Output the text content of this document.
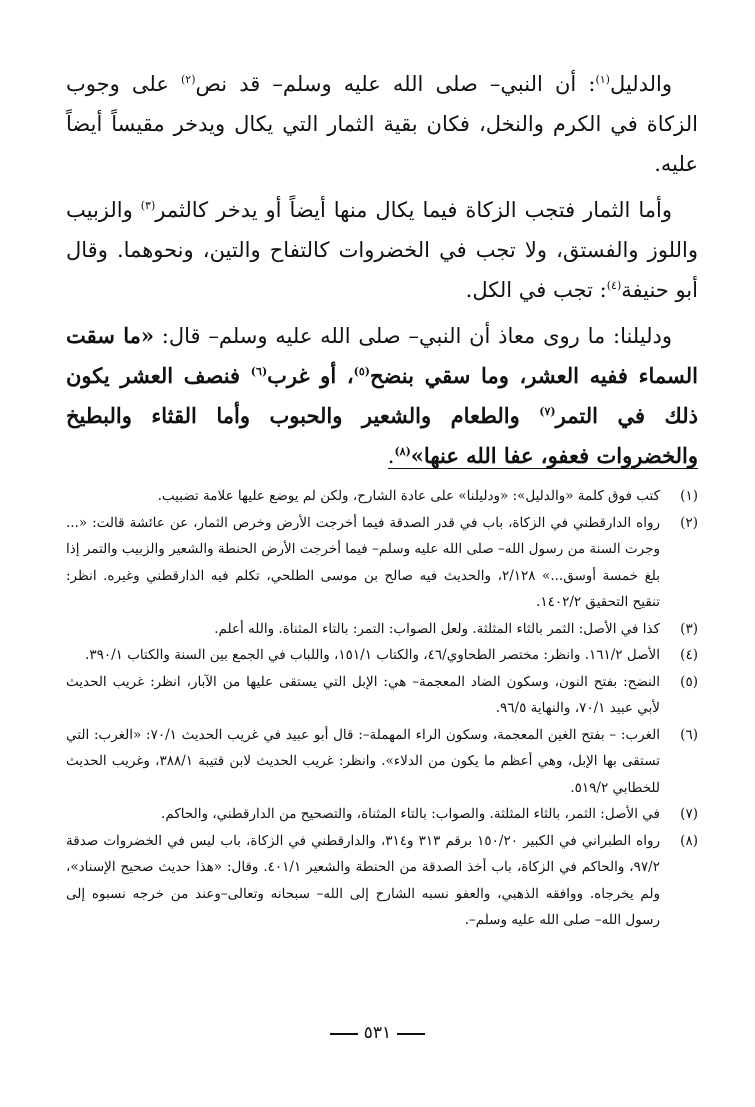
والدليل$^{(١)}$: أن النبي– صلى الله عليه وسلم– قد نص$^{(٢)}$ على وجوب الزكاة في الكرم والنخل، فكان بقية الثمار التي يكال ويدخر مقيساً أيضاً عليه.

وأما الثمار فتجب الزكاة فيما يكال منها أيضاً أو يدخر كالثمر$^{(٣)}$ والزبيب واللوز والفستق، ولا تجب في الخضروات كالتفاح والتين، ونحوهما. وقال أبو حنيفة$^{(٤)}$: تجب في الكل.

ودليلنا: ما روى معاذ أن النبي– صلى الله عليه وسلم– قال: «ما سقت السماء ففيه العشر، وما سقي بنضح$^{(٥)}$، أو غرب$^{(٦)}$ فنصف العشر يكون ذلك في التمر$^{(٧)}$ والطعام والشعير والحبوب وأما القثاء والبطيخ والخضروات فعفو، عفا الله عنها»$^{(٨)}$.

(١)
كتب فوق كلمة «والدليل»: «ودليلنا» على عادة الشارح، ولكن لم يوضع عليها علامة تضبيب.
(٢)
رواه الدارقطني في الزكاة، باب في قدر الصدقة فيما أخرجت الأرض وخرص الثمار، عن عائشة قالت: «... وجرت السنة من رسول الله– صلى الله عليه وسلم– فيما أخرجت الأرض الحنطة والشعير والزبيب والتمر إذا بلغ خمسة أوسق...» ٢/١٢٨، والحديث فيه صالح بن موسى الطلحي، تكلم فيه الدارقطني وغيره. انظر: تنقيح التحقيق ١٤٠٢/٢.
(٣)
كذا في الأصل: الثمر بالثاء المثلثة. ولعل الصواب: التمر: بالتاء المثناة. والله أعلم.
(٤)
الأصل ١٦١/٢. وانظر: مختصر الطحاوي/٤٦، والكتاب ١٥١/١، واللباب في الجمع بين السنة والكتاب ٣٩٠/١.
(٥)
النضح: بفتح النون، وسكون الضاد المعجمة– هي: الإبل التي يستقى عليها من الآبار، انظر: غريب الحديث لأبي عبيد ٧٠/١، والنهاية ٩٦/٥.
(٦)
الغرب: – بفتح الغين المعجمة، وسكون الراء المهملة–: قال أبو عبيد في غريب الحديث ٧٠/١: «الغرب: التي تستقى بها الإبل، وهي أعظم ما يكون من الدلاء». وانظر: غريب الحديث لابن قتيبة ٣٨٨/١، وغريب الحديث للخطابي ٥١٩/٢.
(٧)
في الأصل: الثمر، بالثاء المثلثة. والصواب: بالتاء المثناة، والتصحيح من الدارقطني، والحاكم.
(٨)
رواه الطبراني في الكبير ١٥٠/٢٠ برقم ٣١٣ و٣١٤، والدارقطني في الزكاة، باب ليس في الخضروات صدقة ٩٧/٢، والحاكم في الزكاة، باب أخذ الصدقة من الحنطة والشعير ٤٠١/١. وقال: «هذا حديث صحيح الإسناد»، ولم يخرجاه. ووافقه الذهبي، والعفو نسبه الشارح إلى الله– سبحانه وتعالى–وعند من خرجه نسبوه إلى رسول الله– صلى الله عليه وسلم–.
٥٣١
